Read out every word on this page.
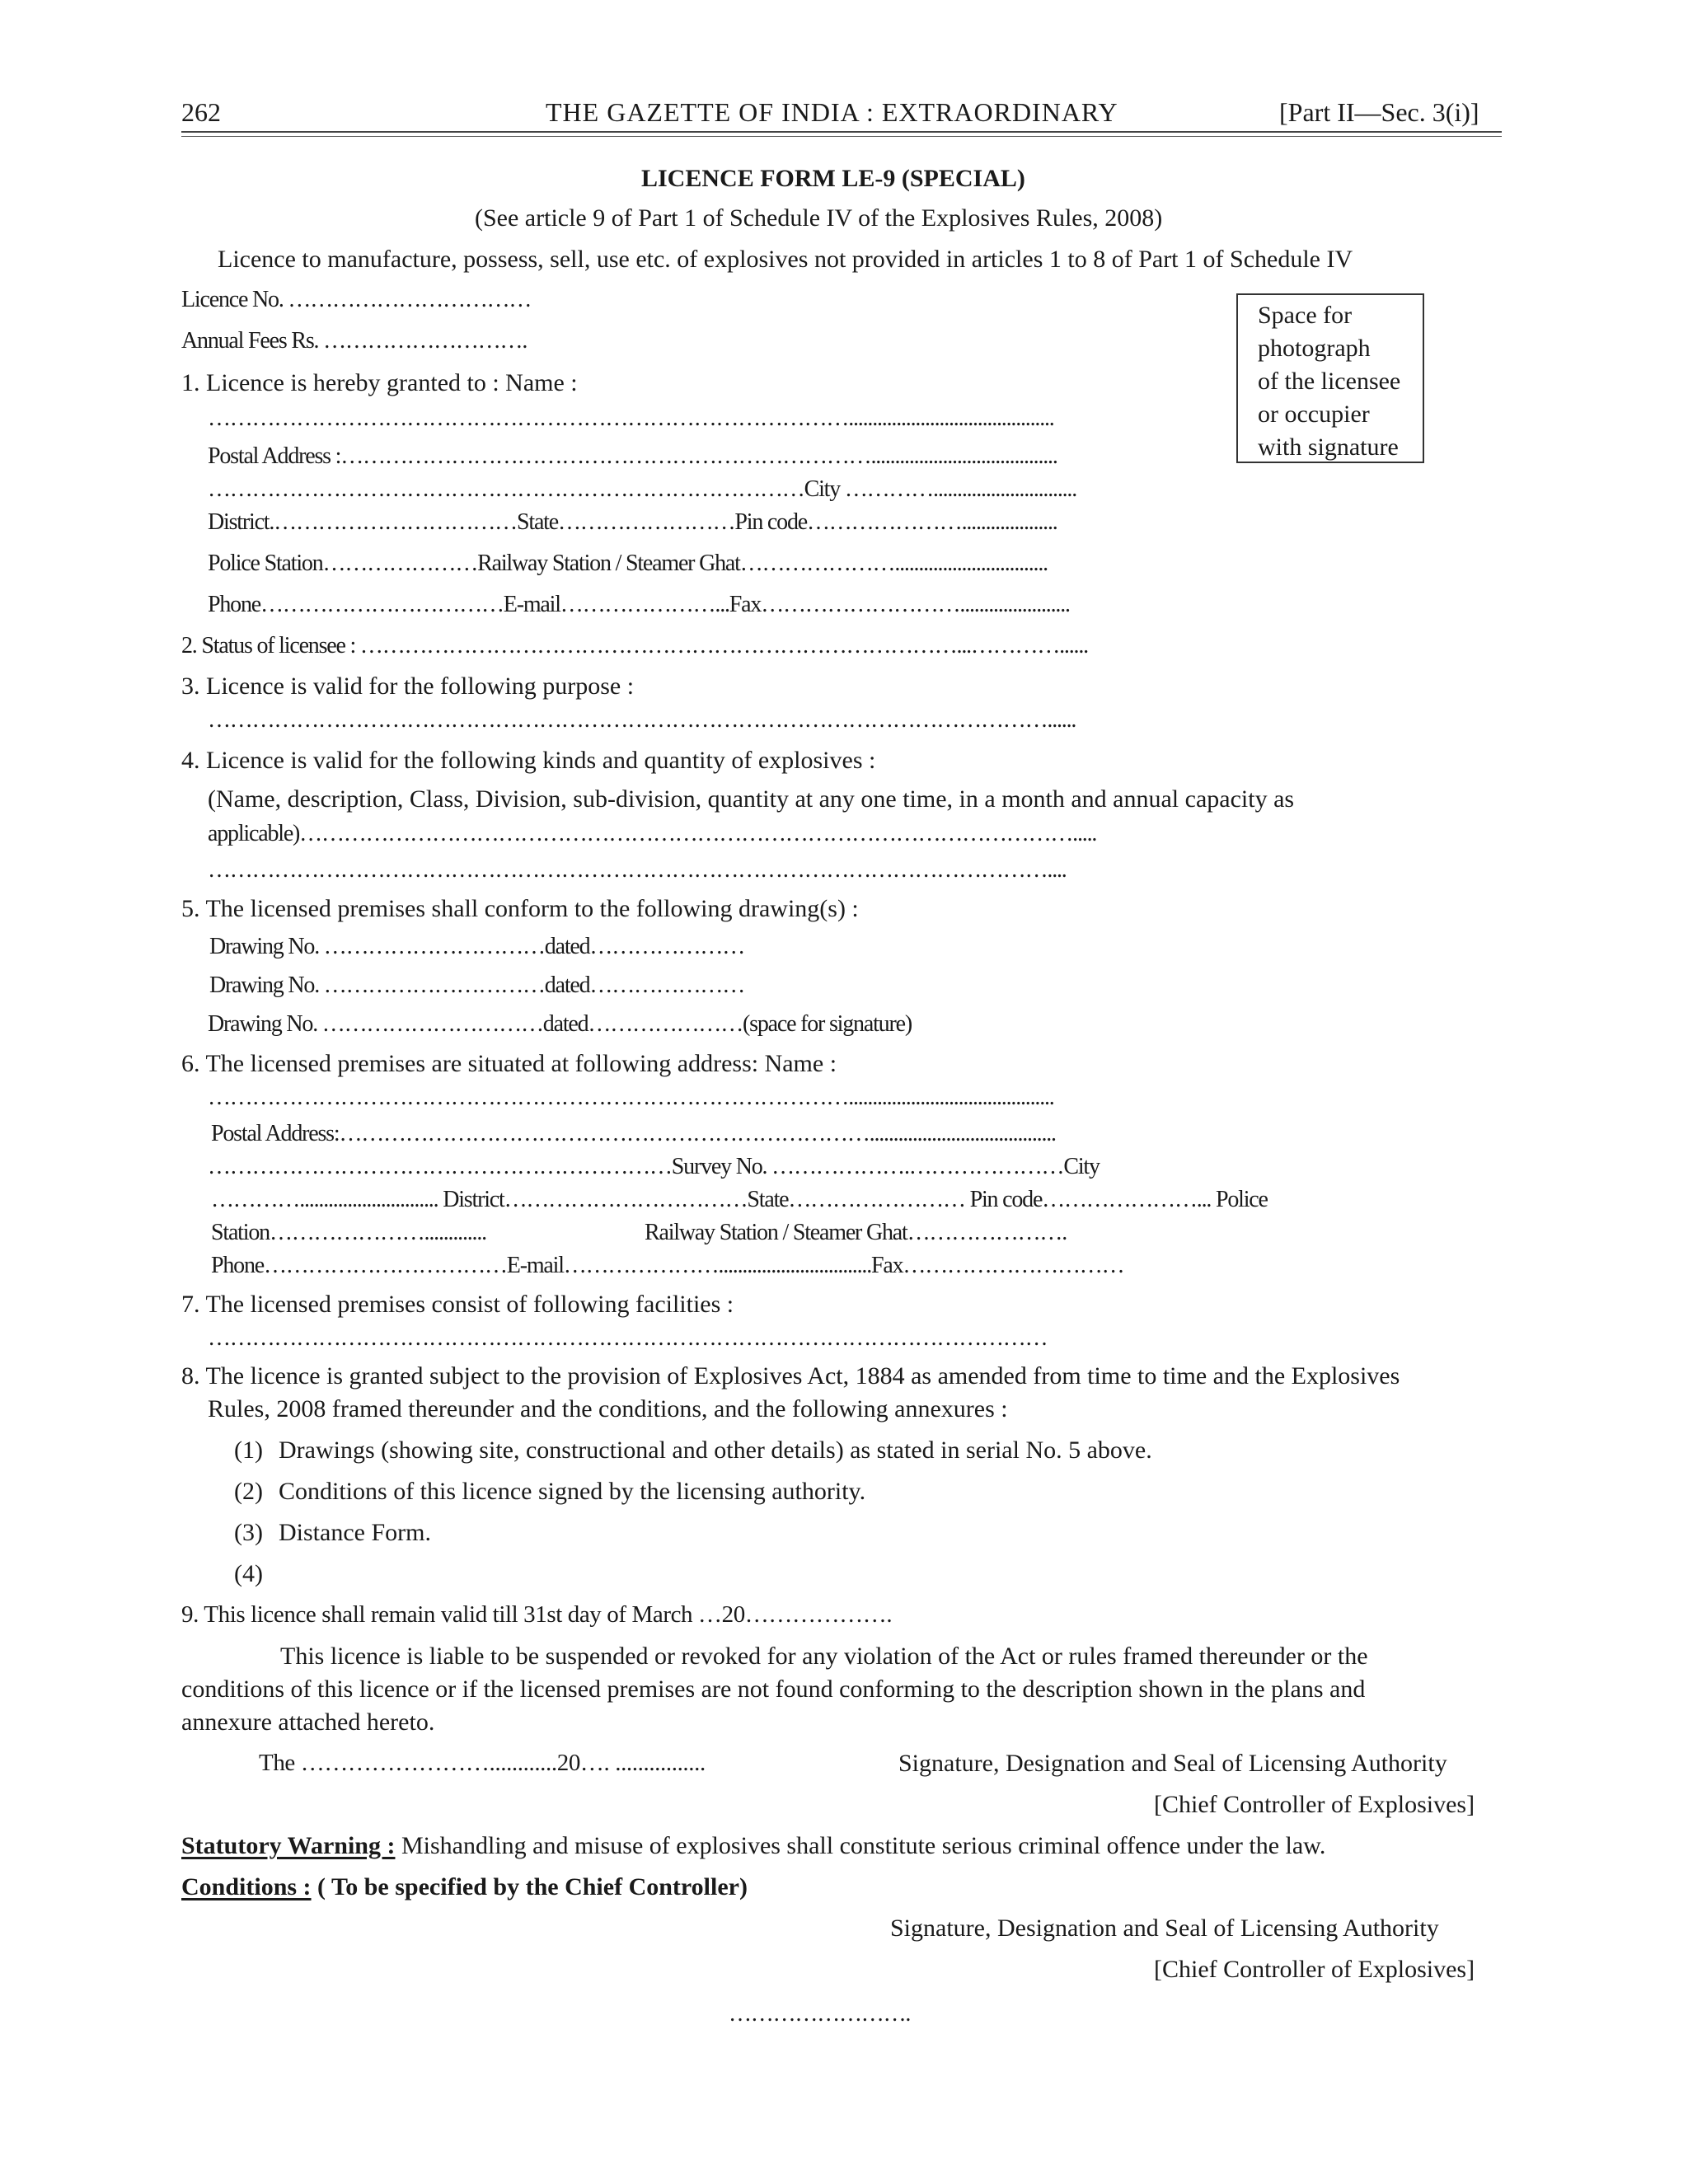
262	THE GAZETTE OF INDIA : EXTRAORDINARY	[Part II—Sec. 3(i)]
LICENCE FORM LE-9 (SPECIAL)
(See article 9 of Part 1 of Schedule IV of the Explosives Rules, 2008)
Licence to manufacture, possess, sell, use etc. of explosives not provided in articles 1 to 8 of Part 1 of Schedule IV
Space for
photograph
of the licensee
or occupier
with signature
Licence No. ……………………………
Annual Fees Rs. ……………………….
1. Licence is hereby granted to : Name :
……………………………………………………………………………...........................................
Postal Address :……………………………………………………………….......................................
………………………………………………………………………City …………..............................
District.……………………………State……………………Pin code…………………....................
Police Station…………………Railway Station / Steamer Ghat…………………................................
Phone……………………………E-mail…………………...Fax……………………….......................
2. Status of licensee : ………………………………………………………………………...…………......
3. Licence is valid for the following purpose :
……………………………………………………………………………………………………......
4. Licence is valid for the following kinds and quantity of explosives :
(Name, description, Class, Division, sub-division, quantity at any one time, in a month and annual capacity as
applicable)…………………………………………………………………………………………….....
……………………………………………………………………………………………………....
5. The licensed premises shall conform to the following drawing(s) :
Drawing No. …………………………dated…………………
Drawing No. …………………………dated…………………
Drawing No. …………………………dated…………………(space for signature)
6. The licensed premises are situated at following address: Name :
……………………………………………………………………………...........................................
Postal Address:……………………………………………………………….......................................
………………………………………………………Survey No. ……………….…………………City
…………............................. District……………………………State…………………… Pin code…………………... Police
Station………………….............	Railway Station / Steamer Ghat………………….
Phone……………………………E-mail…………………................................Fax…………………………
7. The licensed premises consist of following facilities :
……………………………………………………………………………………………………
8. The licence is granted subject to the provision of Explosives Act, 1884 as amended from time to time and the Explosives
Rules, 2008 framed thereunder and the conditions, and the following annexures :
(1) Drawings (showing site, constructional and other details) as stated in serial No. 5 above.
(2) Conditions of this licence signed by the licensing authority.
(3) Distance Form.
(4)
9. This licence shall remain valid till 31st day of March …20……………….
This licence is liable to be suspended or revoked for any violation of the Act or rules framed thereunder or the
conditions of this licence or if the licensed premises are not found conforming to the description shown in the plans and
annexure attached hereto.
The ……………………............20…. ................	Signature, Designation and Seal of Licensing Authority
[Chief Controller of Explosives]
Statutory Warning : Mishandling and misuse of explosives shall constitute serious criminal offence under the law.
Conditions : ( To be specified by the Chief Controller)
Signature, Designation and Seal of Licensing Authority
[Chief Controller of Explosives]
…………………….
